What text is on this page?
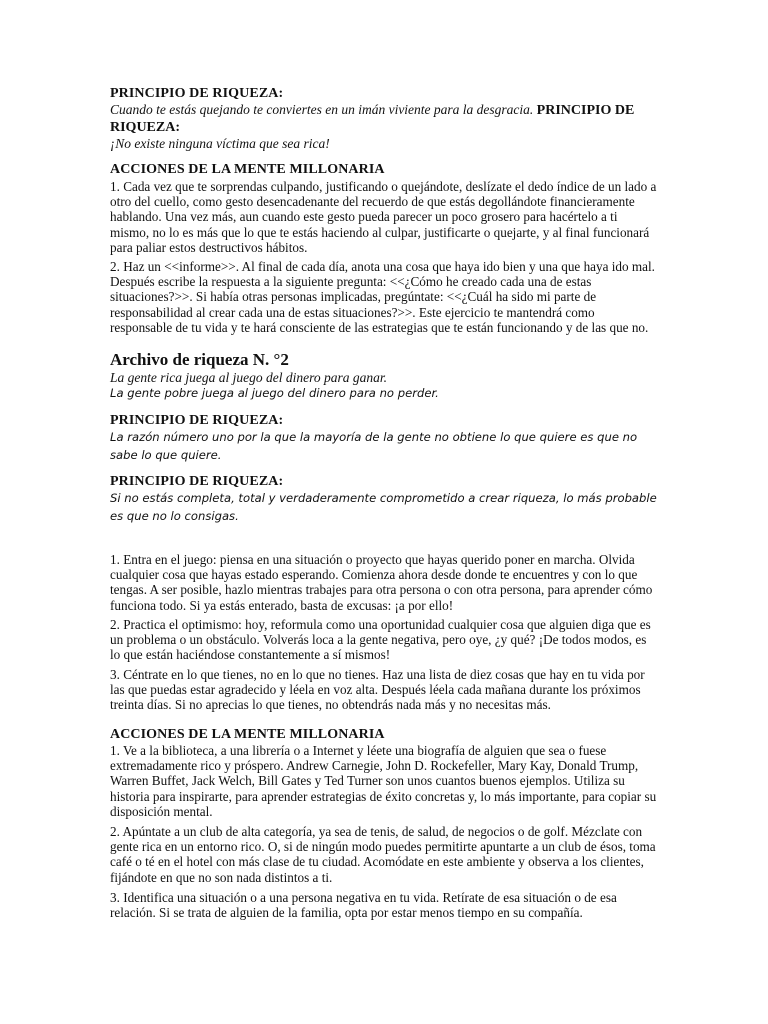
PRINCIPIO DE RIQUEZA:
Cuando te estás quejando te conviertes en un imán viviente para la desgracia. PRINCIPIO DE RIQUEZA:
¡No existe ninguna víctima que sea rica!
ACCIONES DE LA MENTE MILLONARIA
1. Cada vez que te sorprendas culpando, justificando o quejándote, deslízate el dedo índice de un lado a otro del cuello, como gesto desencadenante del recuerdo de que estás degollándote financieramente hablando. Una vez más, aun cuando este gesto pueda parecer un poco grosero para hacértelo a ti mismo, no lo es más que lo que te estás haciendo al culpar, justificarte o quejarte, y al final funcionará para paliar estos destructivos hábitos.
2. Haz un <<informe>>. Al final de cada día, anota una cosa que haya ido bien y una que haya ido mal. Después escribe la respuesta a la siguiente pregunta: <<¿Cómo he creado cada una de estas situaciones?>>. Si había otras personas implicadas, pregúntate: <<¿Cuál ha sido mi parte de responsabilidad al crear cada una de estas situaciones?>>. Este ejercicio te mantendrá como responsable de tu vida y te hará consciente de las estrategias que te están funcionando y de las que no.
Archivo de riqueza N. °2
La gente rica juega al juego del dinero para ganar.
La gente pobre juega al juego del dinero para no perder.
PRINCIPIO DE RIQUEZA:
La razón número uno por la que la mayoría de la gente no obtiene lo que quiere es que no sabe lo que quiere.
PRINCIPIO DE RIQUEZA:
Si no estás completa, total y verdaderamente comprometido a crear riqueza, lo más probable es que no lo consigas.
1. Entra en el juego: piensa en una situación o proyecto que hayas querido poner en marcha. Olvida cualquier cosa que hayas estado esperando. Comienza ahora desde donde te encuentres y con lo que tengas. A ser posible, hazlo mientras trabajes para otra persona o con otra persona, para aprender cómo funciona todo. Si ya estás enterado, basta de excusas: ¡a por ello!
2. Practica el optimismo: hoy, reformula como una oportunidad cualquier cosa que alguien diga que es un problema o un obstáculo. Volverás loca a la gente negativa, pero oye, ¿y qué? ¡De todos modos, es lo que están haciéndose constantemente a sí mismos!
3. Céntrate en lo que tienes, no en lo que no tienes. Haz una lista de diez cosas que hay en tu vida por las que puedas estar agradecido y léela en voz alta. Después léela cada mañana durante los próximos treinta días. Si no aprecias lo que tienes, no obtendrás nada más y no necesitas más.
ACCIONES DE LA MENTE MILLONARIA
1. Ve a la biblioteca, a una librería o a Internet y léete una biografía de alguien que sea o fuese extremadamente rico y próspero. Andrew Carnegie, John D. Rockefeller, Mary Kay, Donald Trump, Warren Buffet, Jack Welch, Bill Gates y Ted Turner son unos cuantos buenos ejemplos. Utiliza su historia para inspirarte, para aprender estrategias de éxito concretas y, lo más importante, para copiar su disposición mental.
2. Apúntate a un club de alta categoría, ya sea de tenis, de salud, de negocios o de golf. Mézclate con gente rica en un entorno rico. O, si de ningún modo puedes permitirte apuntarte a un club de ésos, toma café o té en el hotel con más clase de tu ciudad. Acomódate en este ambiente y observa a los clientes, fijándote en que no son nada distintos a ti.
3. Identifica una situación o a una persona negativa en tu vida. Retírate de esa situación o de esa relación. Si se trata de alguien de la familia, opta por estar menos tiempo en su compañía.
